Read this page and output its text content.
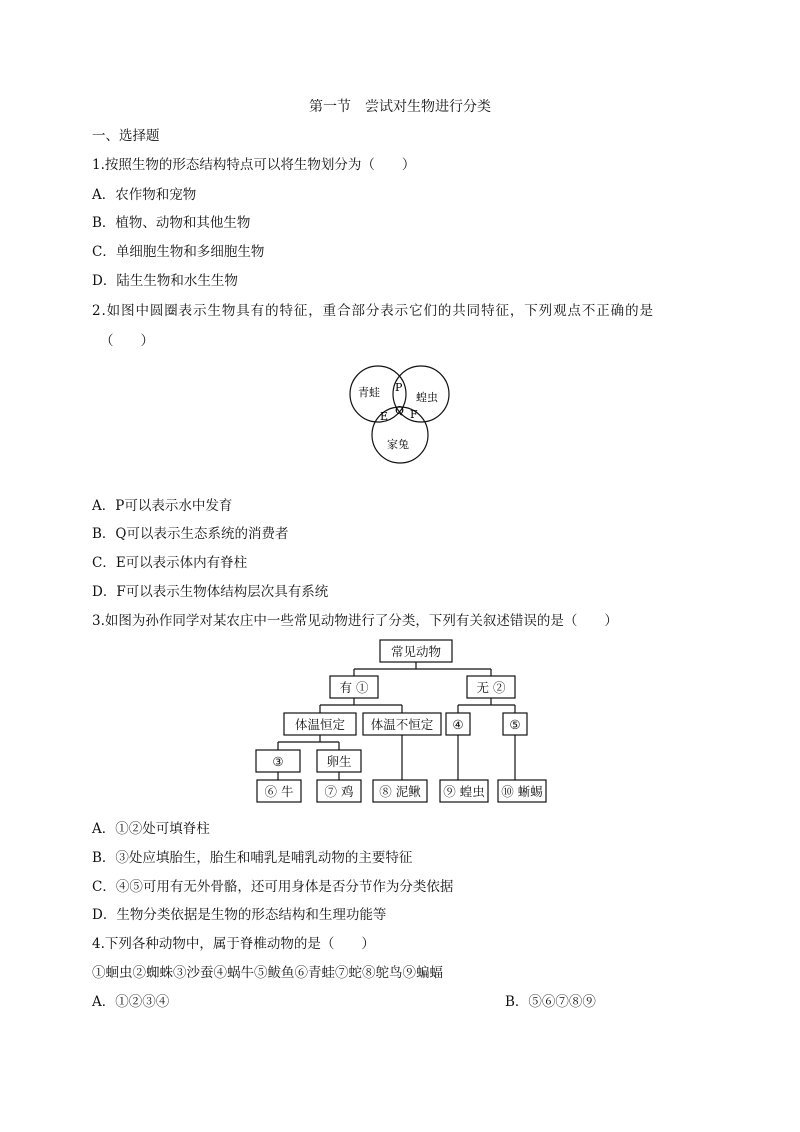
第一节　尝试对生物进行分类
一、选择题
1.按照生物的形态结构特点可以将生物划分为（　　）
A．农作物和宠物
B．植物、动物和其他生物
C．单细胞生物和多细胞生物
D．陆生生物和水生生物
2.如图中圆圈表示生物具有的特征，重合部分表示它们的共同特征，下列观点不正确的是
（　　）
青蛙	蝗虫
家兔
P
Q
E F
常见动物
有 ①	无 ②
体温恒定 体温不恒定 ④	⑤
③	卵生
⑥ 牛 ⑦ 鸡 ⑧ 泥鳅 ⑨ 蝗虫 ⑩ 蜥蜴
A．P可以表示水中发育
B．Q可以表示生态系统的消费者
C．E可以表示体内有脊柱
D．F可以表示生物体结构层次具有系统
3.如图为孙作同学对某农庄中一些常见动物进行了分类，下列有关叙述错误的是（　　）
A．①②处可填脊柱
B．③处应填胎生，胎生和哺乳是哺乳动物的主要特征
C．④⑤可用有无外骨骼，还可用身体是否分节作为分类依据
D．生物分类依据是生物的形态结构和生理功能等
4.下列各种动物中，属于脊椎动物的是（　　）
①蛔虫②蜘蛛③沙蚕④蜗牛⑤鲅鱼⑥青蛙⑦蛇⑧鸵鸟⑨蝙蝠
A．①②③④	B．⑤⑥⑦⑧⑨
